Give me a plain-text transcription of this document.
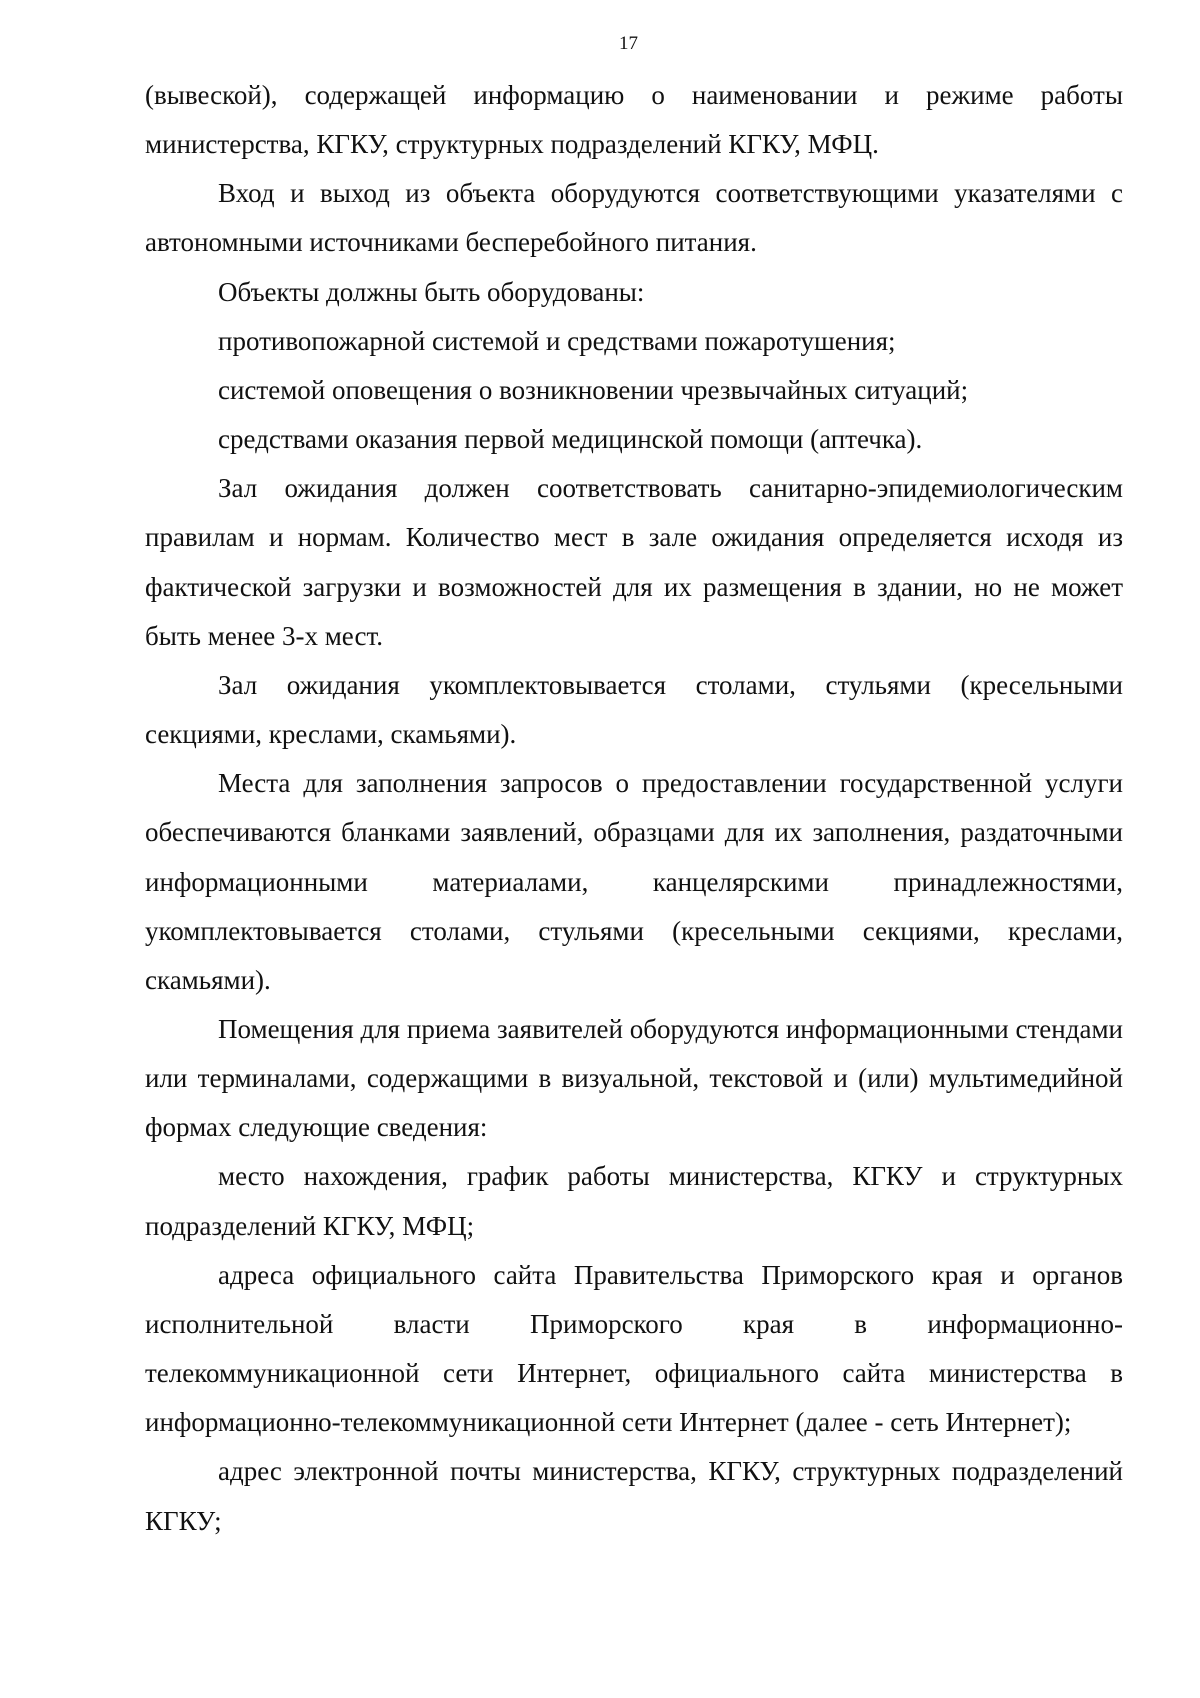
17

(вывеской), содержащей информацию о наименовании и режиме работы министерства, КГКУ, структурных подразделений КГКУ, МФЦ.

Вход и выход из объекта оборудуются соответствующими указателями с автономными источниками бесперебойного питания.

Объекты должны быть оборудованы:

противопожарной системой и средствами пожаротушения;

системой оповещения о возникновении чрезвычайных ситуаций;

средствами оказания первой медицинской помощи (аптечка).

Зал ожидания должен соответствовать санитарно-эпидемиологическим правилам и нормам. Количество мест в зале ожидания определяется исходя из фактической загрузки и возможностей для их размещения в здании, но не может быть менее 3-х мест.

Зал ожидания укомплектовывается столами, стульями (кресельными секциями, креслами, скамьями).

Места для заполнения запросов о предоставлении государственной услуги обеспечиваются бланками заявлений, образцами для их заполнения, раздаточными информационными материалами, канцелярскими принадлежностями, укомплектовывается столами, стульями (кресельными секциями, креслами, скамьями).

Помещения для приема заявителей оборудуются информационными стендами или терминалами, содержащими в визуальной, текстовой и (или) мультимедийной формах следующие сведения:

место нахождения, график работы министерства, КГКУ и структурных подразделений КГКУ, МФЦ;

адреса официального сайта Правительства Приморского края и органов исполнительной власти Приморского края в информационно-телекоммуникационной сети Интернет, официального сайта министерства в информационно-телекоммуникационной сети Интернет (далее - сеть Интернет);

адрес электронной почты министерства, КГКУ, структурных подразделений КГКУ;
